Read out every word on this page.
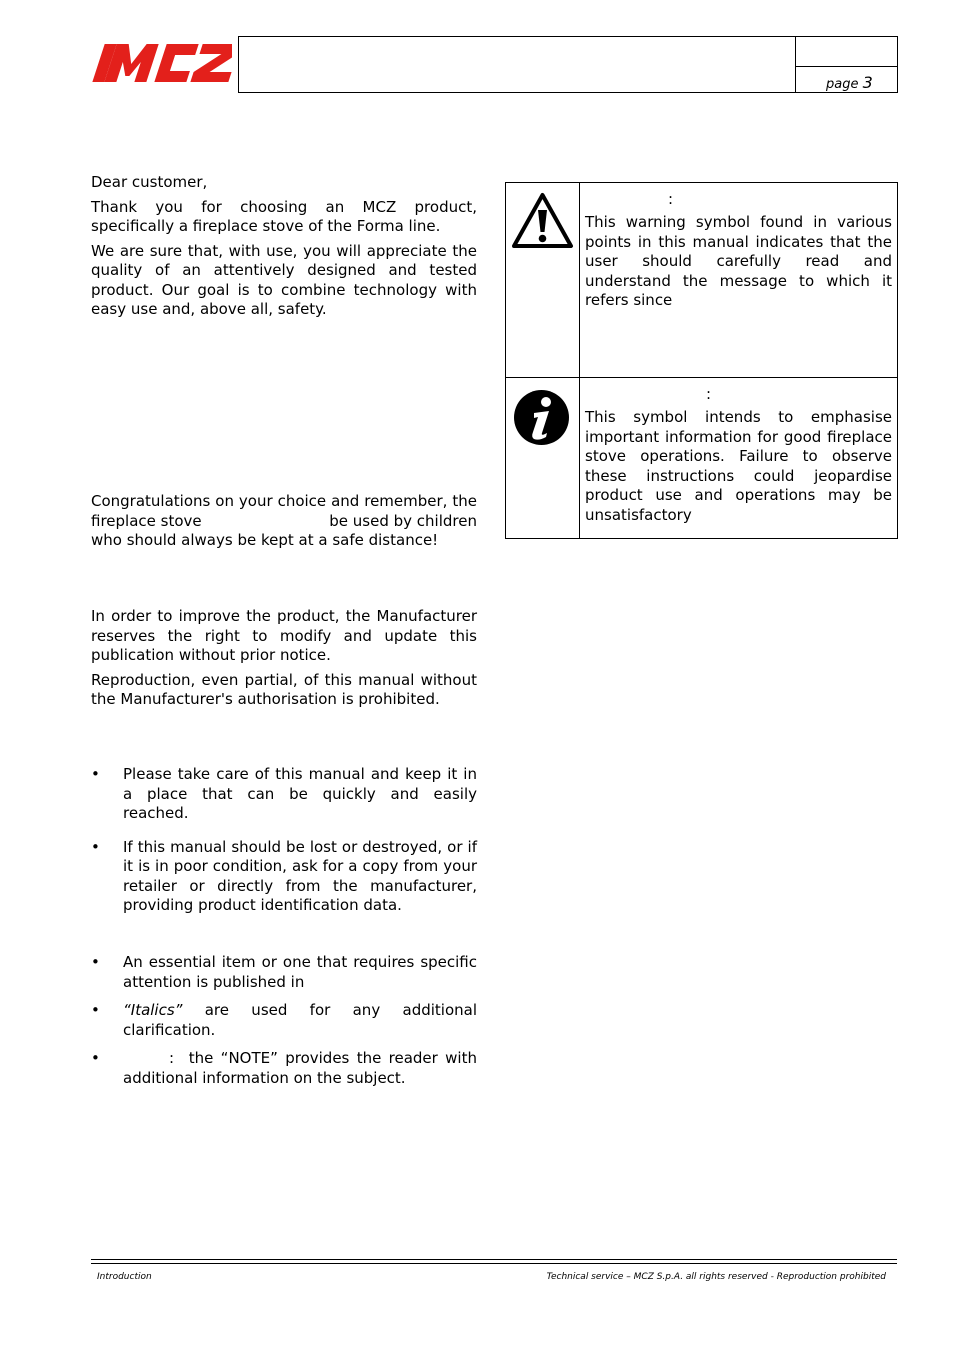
page 3

Dear customer,

Thank you for choosing an MCZ product, specifically a fireplace stove of the Forma line.

We are sure that, with use, you will appreciate the quality of an attentively designed and tested product. Our goal is to combine technology with easy use and, above all, safety.

Congratulations on your choice and remember, the

fireplace stove	be used by children

who should always be kept at a safe distance!

In order to improve the product, the Manufacturer reserves the right to modify and update this publication without prior notice.

Reproduction, even partial, of this manual without the Manufacturer's authorisation is prohibited.

• Please take care of this manual and keep it in a place that can be quickly and easily reached.
• If this manual should be lost or destroyed, or if it is in poor condition, ask for a copy from your retailer or directly from the manufacturer, providing product identification data.
• An essential item or one that requires specific attention is published in
• “Italics” are used for any additional clarification.
• : the “NOTE” provides the reader with additional information on the subject.
:

This warning symbol found in various points in this manual indicates that the user should carefully read and understand the message to which it refers since

:

This symbol intends to emphasise important information for good fireplace stove operations. Failure to observe these instructions could jeopardise product use and operations may be unsatisfactory

Introduction	Technical service – MCZ S.p.A. all rights reserved - Reproduction prohibited
